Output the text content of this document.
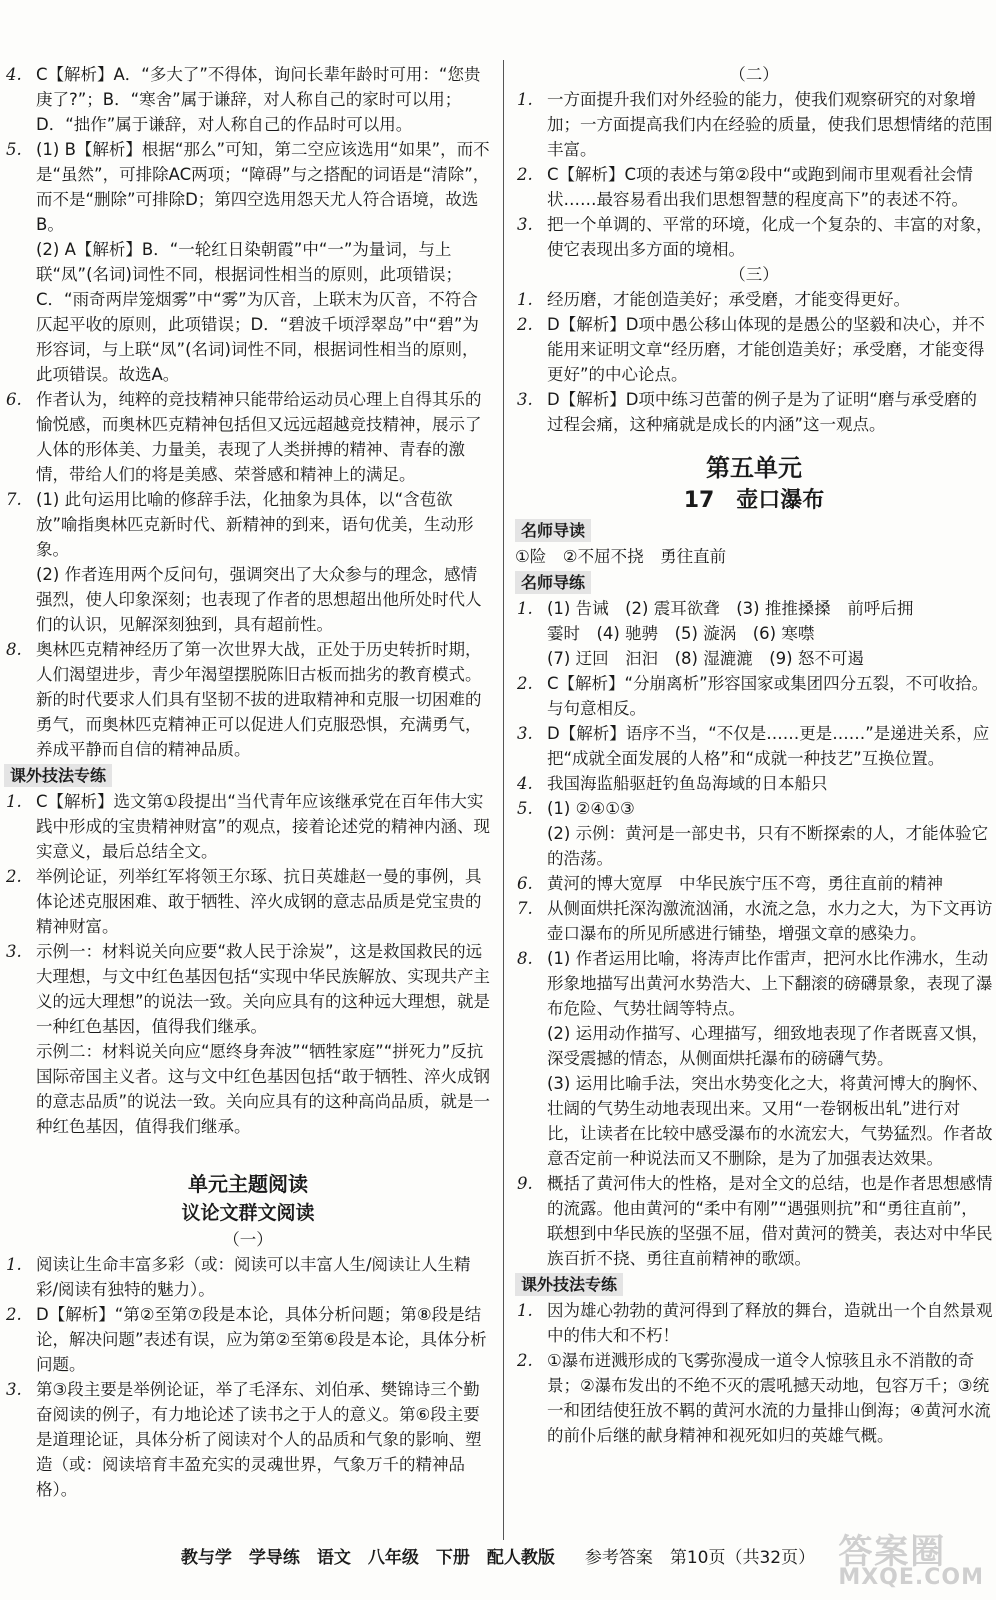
4. C【解析】A．“多大了”不得体，询问长辈年龄时可用：“您贵庚了?”；B．“寒舍”属于谦辞，对人称自己的家时可以用；D．“拙作”属于谦辞，对人称自己的作品时可以用。

5. (1) B【解析】根据“那么”可知，第二空应该选用“如果”，而不是“虽然”，可排除AC两项；“障碍”与之搭配的词语是“清除”，而不是“删除”可排除D；第四空选用怨天尤人符合语境，故选B。
(2) A【解析】B．“一轮红日染朝霞”中“一”为量词，与上联“凤”(名词)词性不同，根据词性相当的原则，此项错误；C．“雨奇两岸笼烟雾”中“雾”为仄音，上联末为仄音，不符合仄起平收的原则，此项错误；D．“碧波千顷浮翠岛”中“碧”为形容词，与上联“凤”(名词)词性不同，根据词性相当的原则，此项错误。故选A。

6. 作者认为，纯粹的竞技精神只能带给运动员心理上自得其乐的愉悦感，而奥林匹克精神包括但又远远超越竞技精神，展示了人体的形体美、力量美，表现了人类拼搏的精神、青春的激情，带给人们的将是美感、荣誉感和精神上的满足。

7. (1) 此句运用比喻的修辞手法，化抽象为具体，以“含苞欲放”喻指奥林匹克新时代、新精神的到来，语句优美，生动形象。
(2) 作者连用两个反问句，强调突出了大众参与的理念，感情强烈，使人印象深刻；也表现了作者的思想超出他所处时代人们的认识，见解深刻独到，具有超前性。

8. 奥林匹克精神经历了第一次世界大战，正处于历史转折时期，人们渴望进步，青少年渴望摆脱陈旧古板而拙劣的教育模式。新的时代要求人们具有坚韧不拔的进取精神和克服一切困难的勇气，而奥林匹克精神正可以促进人们克服恐惧，充满勇气，养成平静而自信的精神品质。

课外技法专练

1. C【解析】选文第①段提出“当代青年应该继承党在百年伟大实践中形成的宝贵精神财富”的观点，接着论述党的精神内涵、现实意义，最后总结全文。

2. 举例论证，列举红军将领王尔琢、抗日英雄赵一曼的事例，具体论述克服困难、敢于牺牲、淬火成钢的意志品质是党宝贵的精神财富。

3. 示例一：材料说关向应要“救人民于涂炭”，这是救国救民的远大理想，与文中红色基因包括“实现中华民族解放、实现共产主义的远大理想”的说法一致。关向应具有的这种远大理想，就是一种红色基因，值得我们继承。
示例二：材料说关向应“愿终身奔波”“牺牲家庭”“拼死力”反抗国际帝国主义者。这与文中红色基因包括“敢于牺牲、淬火成钢的意志品质”的说法一致。关向应具有的这种高尚品质，就是一种红色基因，值得我们继承。
单元主题阅读
议论文群文阅读
（一）

1. 阅读让生命丰富多彩（或：阅读可以丰富人生/阅读让人生精彩/阅读有独特的魅力）。

2. D【解析】“第②至第⑦段是本论，具体分析问题；第⑧段是结论，解决问题”表述有误，应为第②至第⑥段是本论，具体分析问题。

3. 第③段主要是举例论证，举了毛泽东、刘伯承、樊锦诗三个勤奋阅读的例子，有力地论述了读书之于人的意义。第⑥段主要是道理论证，具体分析了阅读对个人的品质和气象的影响、塑造（或：阅读培育丰盈充实的灵魂世界，气象万千的精神品格）。

（二）

1. 一方面提升我们对外经验的能力，使我们观察研究的对象增加；一方面提高我们内在经验的质量，使我们思想情绪的范围丰富。

2. C【解析】C项的表述与第②段中“或跑到闹市里观看社会情状……最容易看出我们思想智慧的程度高下”的表述不符。

3. 把一个单调的、平常的环境，化成一个复杂的、丰富的对象，使它表现出多方面的境相。

（三）

1. 经历磨，才能创造美好；承受磨，才能变得更好。

2. D【解析】D项中愚公移山体现的是愚公的坚毅和决心，并不能用来证明文章“经历磨，才能创造美好；承受磨，才能变得更好”的中心论点。

3. D【解析】D项中练习芭蕾的例子是为了证明“磨与承受磨的过程会痛，这种痛就是成长的内涵”这一观点。

第五单元
17　壶口瀑布
名师导读
①险　②不屈不挠　勇往直前
名师导练
1. (1) 告诫　(2) 震耳欲聋　(3) 推推搡搡　前呼后拥
霎时　(4) 驰骋　(5) 漩涡　(6) 寒噤
(7) 迂回　汩汩　(8) 湿漉漉　(9) 怒不可遏

2. C【解析】“分崩离析”形容国家或集团四分五裂，不可收拾。与句意相反。

3. D【解析】语序不当，“不仅是……更是……”是递进关系，应把“成就全面发展的人格”和“成就一种技艺”互换位置。

4. 我国海监船驱赶钓鱼岛海域的日本船只

5. (1) ②④①③
(2) 示例：黄河是一部史书，只有不断探索的人，才能体验它的浩荡。

6. 黄河的博大宽厚　中华民族宁压不弯，勇往直前的精神

7. 从侧面烘托深沟激流汹涌，水流之急，水力之大，为下文再访壶口瀑布的所见所感进行铺垫，增强文章的感染力。

8. (1) 作者运用比喻，将涛声比作雷声，把河水比作沸水，生动形象地描写出黄河水势浩大、上下翻滚的磅礴景象，表现了瀑布危险、气势壮阔等特点。
(2) 运用动作描写、心理描写，细致地表现了作者既喜又惧，深受震撼的情态，从侧面烘托瀑布的磅礴气势。
(3) 运用比喻手法，突出水势变化之大，将黄河博大的胸怀、壮阔的气势生动地表现出来。又用“一卷钢板出轧”进行对比，让读者在比较中感受瀑布的水流宏大，气势猛烈。作者故意否定前一种说法而又不删除，是为了加强表达效果。

9. 概括了黄河伟大的性格，是对全文的总结，也是作者思想感情的流露。他由黄河的“柔中有刚”“遇强则抗”和“勇往直前”，联想到中华民族的坚强不屈，借对黄河的赞美，表达对中华民族百折不挠、勇往直前精神的歌颂。

课外技法专练

1. 因为雄心勃勃的黄河得到了释放的舞台，造就出一个自然景观中的伟大和不朽！

2. ①瀑布迸溅形成的飞雾弥漫成一道令人惊骇且永不消散的奇景；②瀑布发出的不绝不灭的震吼撼天动地，包容万千；③统一和团结使狂放不羁的黄河水流的力量排山倒海；④黄河水流的前仆后继的献身精神和视死如归的英雄气概。

教与学　学导练　语文　八年级　下册　配人教版 参考答案　第10页（共32页） 答案圈
MXQE.COM
